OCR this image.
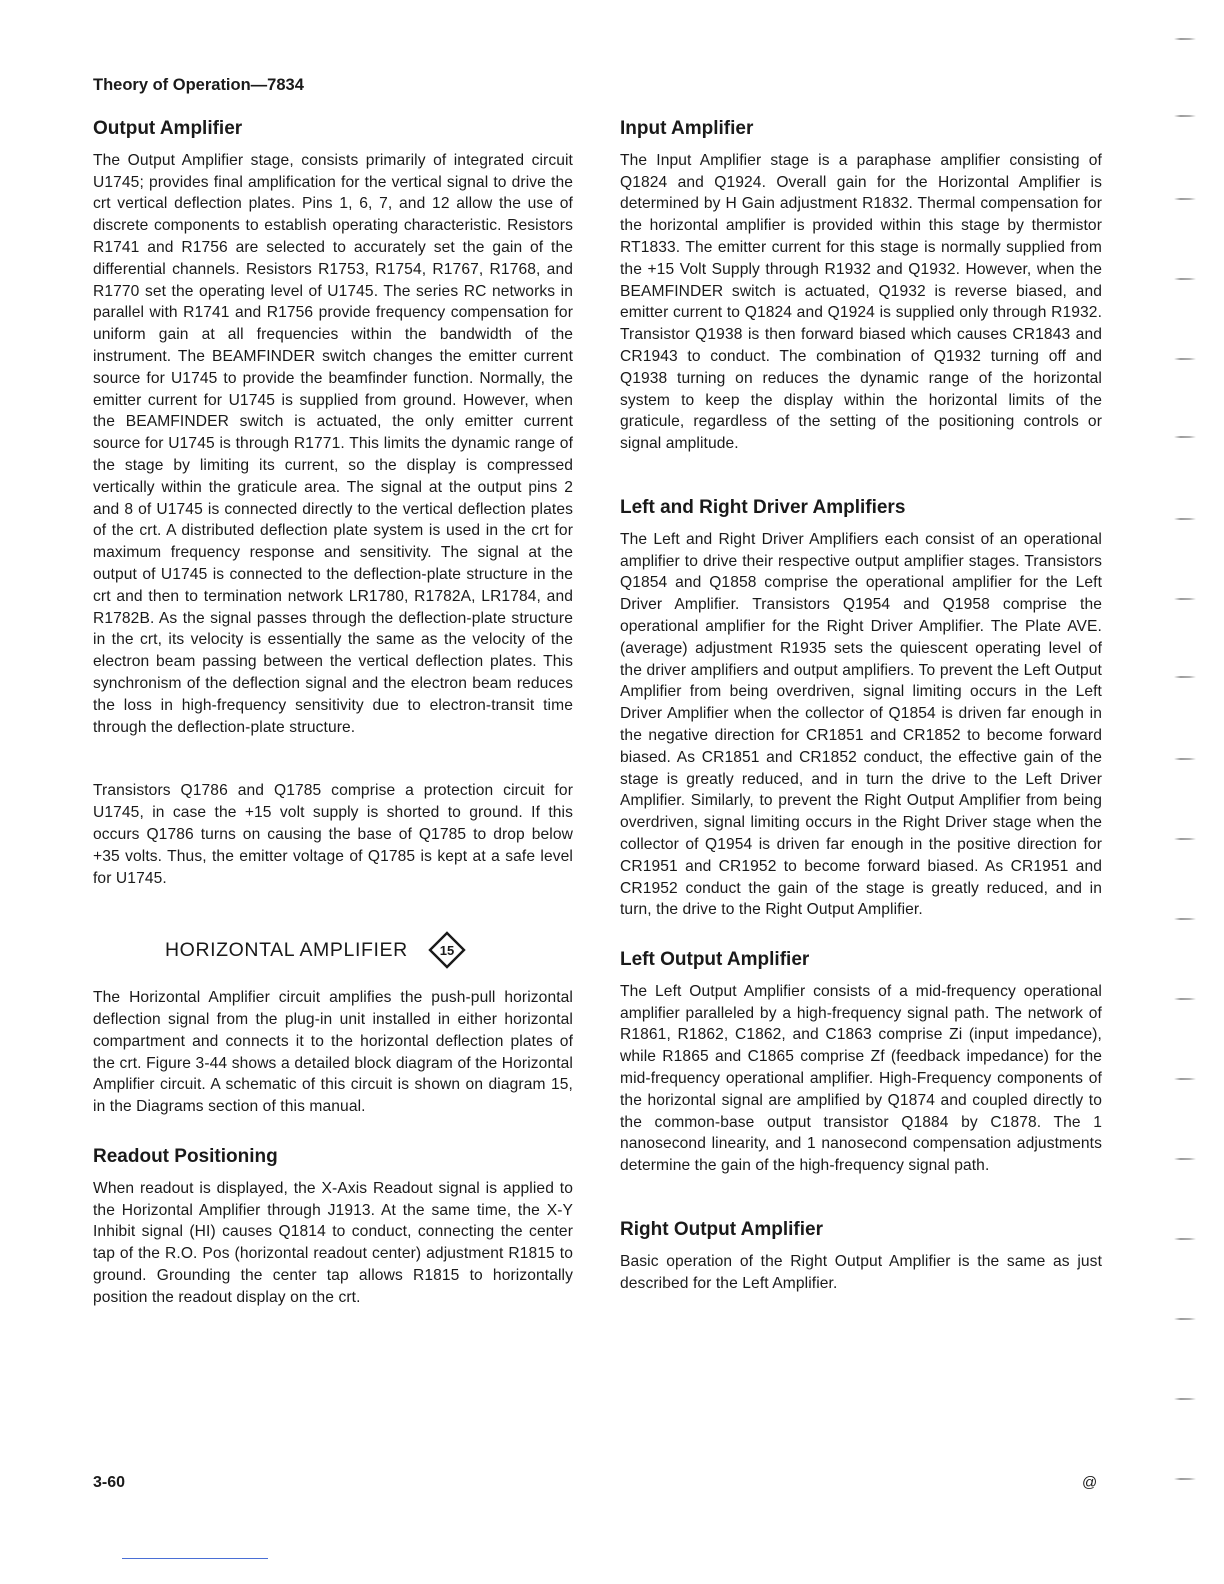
Theory of Operation—7834
Output Amplifier

The Output Amplifier stage, consists primarily of integrated circuit U1745; provides final amplification for the vertical signal to drive the crt vertical deflection plates. Pins 1, 6, 7, and 12 allow the use of discrete components to establish operating characteristic. Resistors R1741 and R1756 are selected to accurately set the gain of the differential channels. Resistors R1753, R1754, R1767, R1768, and R1770 set the operating level of U1745. The series RC networks in parallel with R1741 and R1756 provide frequency compensation for uniform gain at all frequencies within the bandwidth of the instrument. The BEAMFINDER switch changes the emitter current source for U1745 to provide the beamfinder function. Normally, the emitter current for U1745 is supplied from ground. However, when the BEAMFINDER switch is actuated, the only emitter current source for U1745 is through R1771. This limits the dynamic range of the stage by limiting its current, so the display is compressed vertically within the graticule area. The signal at the output pins 2 and 8 of U1745 is connected directly to the vertical deflection plates of the crt. A distributed deflection plate system is used in the crt for maximum frequency response and sensitivity. The signal at the output of U1745 is connected to the deflection-plate structure in the crt and then to termination network LR1780, R1782A, LR1784, and R1782B. As the signal passes through the deflection-plate structure in the crt, its velocity is essentially the same as the velocity of the electron beam passing between the vertical deflection plates. This synchronism of the deflection signal and the electron beam reduces the loss in high-frequency sensitivity due to electron-transit time through the deflection-plate structure.

Transistors Q1786 and Q1785 comprise a protection circuit for U1745, in case the +15 volt supply is shorted to ground. If this occurs Q1786 turns on causing the base of Q1785 to drop below +35 volts. Thus, the emitter voltage of Q1785 is kept at a safe level for U1745.

HORIZONTAL AMPLIFIER 15

The Horizontal Amplifier circuit amplifies the push-pull horizontal deflection signal from the plug-in unit installed in either horizontal compartment and connects it to the horizontal deflection plates of the crt. Figure 3-44 shows a detailed block diagram of the Horizontal Amplifier circuit. A schematic of this circuit is shown on diagram 15, in the Diagrams section of this manual.

Readout Positioning

When readout is displayed, the X-Axis Readout signal is applied to the Horizontal Amplifier through J1913. At the same time, the X-Y Inhibit signal (HI) causes Q1814 to conduct, connecting the center tap of the R.O. Pos (horizontal readout center) adjustment R1815 to ground. Grounding the center tap allows R1815 to horizontally position the readout display on the crt.

Input Amplifier

The Input Amplifier stage is a paraphase amplifier consisting of Q1824 and Q1924. Overall gain for the Horizontal Amplifier is determined by H Gain adjustment R1832. Thermal compensation for the horizontal amplifier is provided within this stage by thermistor RT1833. The emitter current for this stage is normally supplied from the +15 Volt Supply through R1932 and Q1932. However, when the BEAMFINDER switch is actuated, Q1932 is reverse biased, and emitter current to Q1824 and Q1924 is supplied only through R1932. Transistor Q1938 is then forward biased which causes CR1843 and CR1943 to conduct. The combination of Q1932 turning off and Q1938 turning on reduces the dynamic range of the horizontal system to keep the display within the horizontal limits of the graticule, regardless of the setting of the positioning controls or signal amplitude.

Left and Right Driver Amplifiers

The Left and Right Driver Amplifiers each consist of an operational amplifier to drive their respective output amplifier stages. Transistors Q1854 and Q1858 comprise the operational amplifier for the Left Driver Amplifier. Transistors Q1954 and Q1958 comprise the operational amplifier for the Right Driver Amplifier. The Plate AVE. (average) adjustment R1935 sets the quiescent operating level of the driver amplifiers and output amplifiers. To prevent the Left Output Amplifier from being overdriven, signal limiting occurs in the Left Driver Amplifier when the collector of Q1854 is driven far enough in the negative direction for CR1851 and CR1852 to become forward biased. As CR1851 and CR1852 conduct, the effective gain of the stage is greatly reduced, and in turn the drive to the Left Driver Amplifier. Similarly, to prevent the Right Output Amplifier from being overdriven, signal limiting occurs in the Right Driver stage when the collector of Q1954 is driven far enough in the positive direction for CR1951 and CR1952 to become forward biased. As CR1951 and CR1952 conduct the gain of the stage is greatly reduced, and in turn, the drive to the Right Output Amplifier.

Left Output Amplifier

The Left Output Amplifier consists of a mid-frequency operational amplifier paralleled by a high-frequency signal path. The network of R1861, R1862, C1862, and C1863 comprise Zi (input impedance), while R1865 and C1865 comprise Zf (feedback impedance) for the mid-frequency operational amplifier. High-Frequency components of the horizontal signal are amplified by Q1874 and coupled directly to the common-base output transistor Q1884 by C1878. The 1 nanosecond linearity, and 1 nanosecond compensation adjustments determine the gain of the high-frequency signal path.

Right Output Amplifier

Basic operation of the Right Output Amplifier is the same as just described for the Left Amplifier.

3-60	@
